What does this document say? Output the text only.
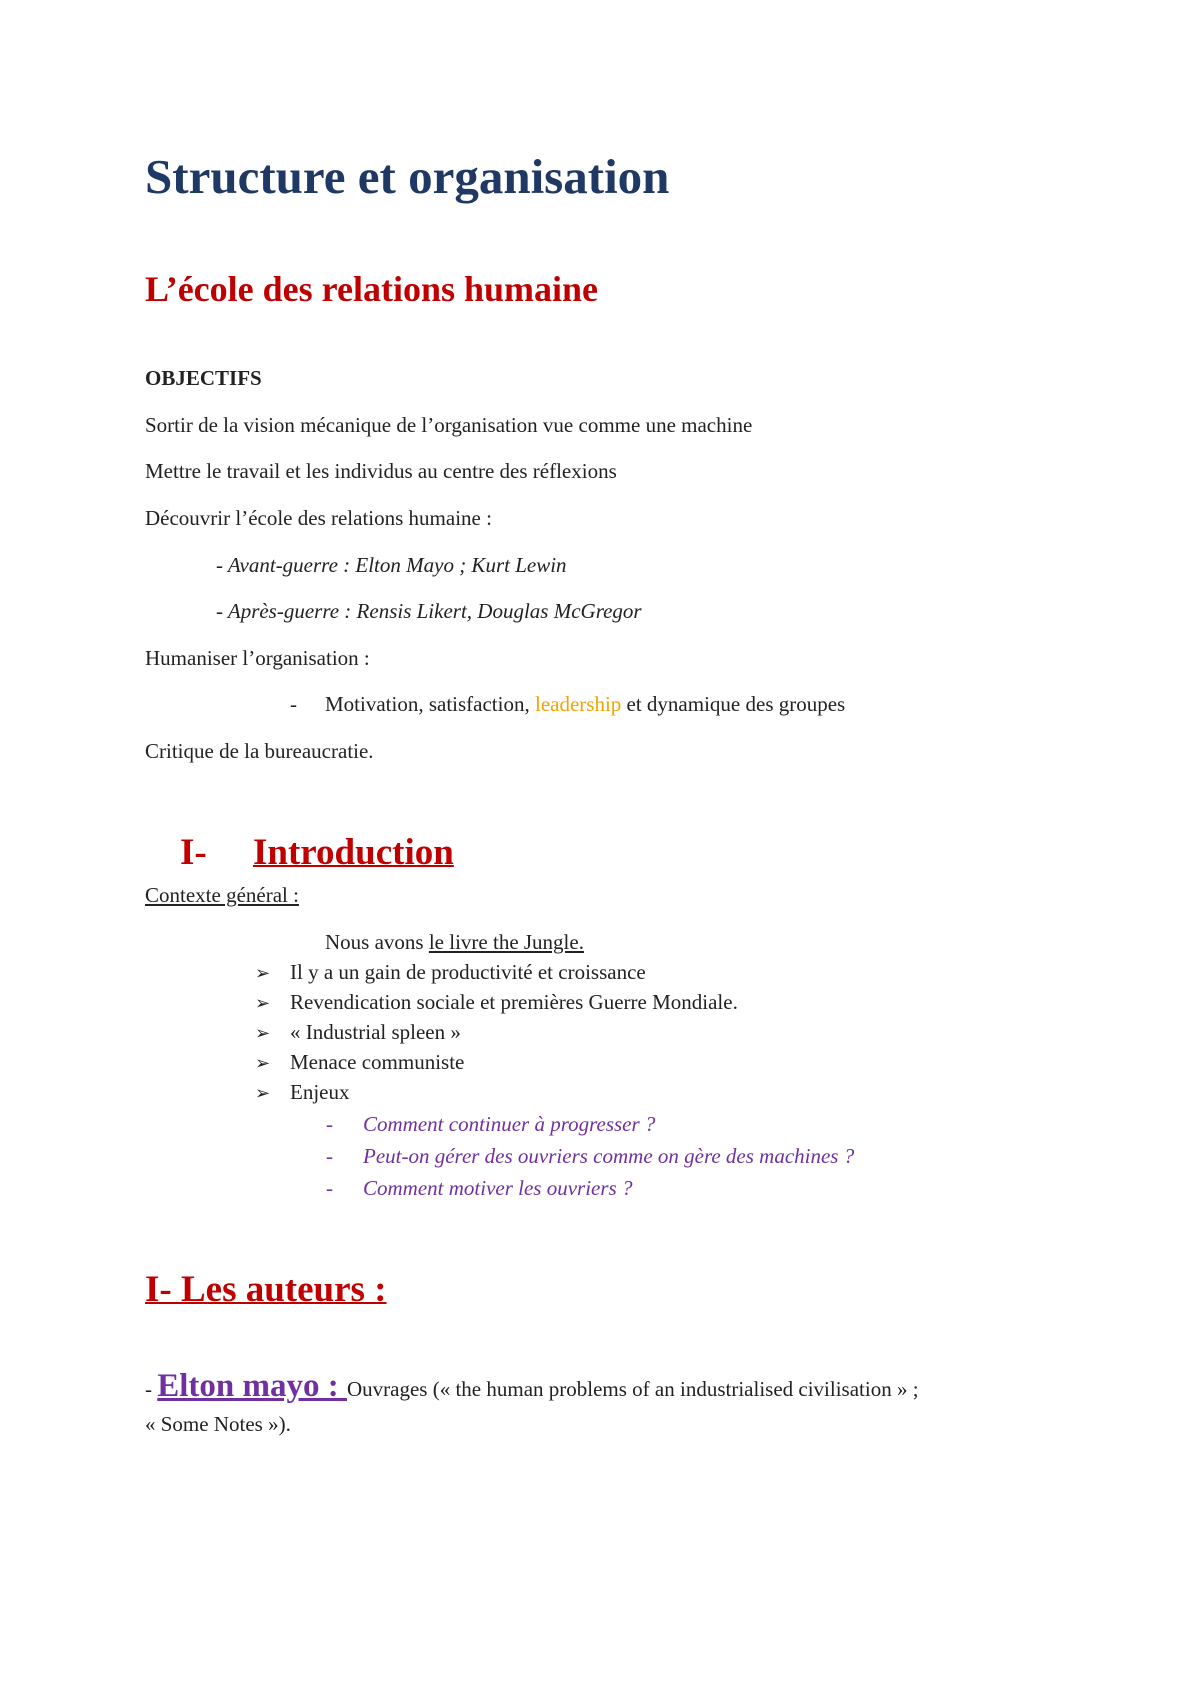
Structure et organisation
L’école des relations humaine
OBJECTIFS
Sortir de la vision mécanique de l’organisation vue comme une machine
Mettre le travail et les individus au centre des réflexions
Découvrir l’école des relations humaine :
- Avant-guerre : Elton Mayo ; Kurt Lewin
- Après-guerre : Rensis Likert, Douglas McGregor
Humaniser l’organisation :
- Motivation, satisfaction, leadership et dynamique des groupes
Critique de la bureaucratie.
I- Introduction
Contexte général :
Nous avons le livre the Jungle.
➢ Il y a un gain de productivité et croissance
➢ Revendication sociale et premières Guerre Mondiale.
➢ « Industrial spleen »
➢ Menace communiste
➢ Enjeux
- Comment continuer à progresser ?
- Peut-on gérer des ouvriers comme on gère des machines ?
- Comment motiver les ouvriers ?
I- Les auteurs :
- Elton mayo : Ouvrages (« the human problems of an industrialised civilisation » ;
« Some Notes »).
